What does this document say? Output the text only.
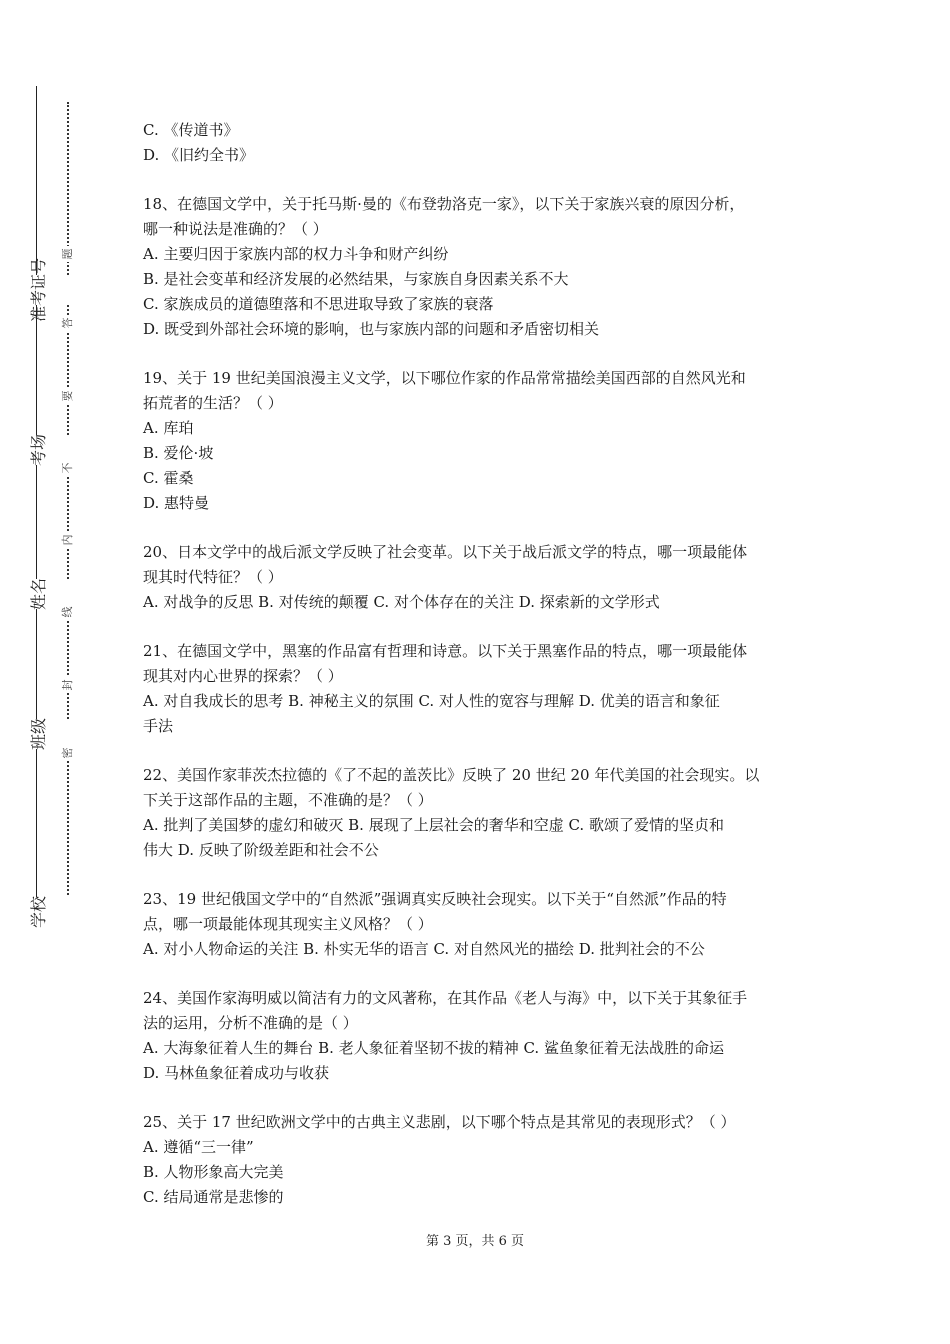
准考证号
考场
姓名
班级
学校
题
答
要
不
内
线
封
密

C. 《传道书》

D. 《旧约全书》

18、在德国文学中，关于托马斯·曼的《布登勃洛克一家》，以下关于家族兴衰的原因分析，

哪一种说法是准确的？（ ）

A. 主要归因于家族内部的权力斗争和财产纠纷

B. 是社会变革和经济发展的必然结果，与家族自身因素关系不大

C. 家族成员的道德堕落和不思进取导致了家族的衰落

D. 既受到外部社会环境的影响，也与家族内部的问题和矛盾密切相关

19、关于 19 世纪美国浪漫主义文学，以下哪位作家的作品常常描绘美国西部的自然风光和

拓荒者的生活？（ ）

A. 库珀

B. 爱伦·坡

C. 霍桑

D. 惠特曼

20、日本文学中的战后派文学反映了社会变革。以下关于战后派文学的特点，哪一项最能体

现其时代特征？（ ）

A. 对战争的反思 B. 对传统的颠覆 C. 对个体存在的关注 D. 探索新的文学形式

21、在德国文学中，黑塞的作品富有哲理和诗意。以下关于黑塞作品的特点，哪一项最能体

现其对内心世界的探索？（ ）

A. 对自我成长的思考 B. 神秘主义的氛围 C. 对人性的宽容与理解 D. 优美的语言和象征

手法

22、美国作家菲茨杰拉德的《了不起的盖茨比》反映了 20 世纪 20 年代美国的社会现实。以

下关于这部作品的主题，不准确的是？（ ）

A. 批判了美国梦的虚幻和破灭 B. 展现了上层社会的奢华和空虚 C. 歌颂了爱情的坚贞和

伟大 D. 反映了阶级差距和社会不公

23、19 世纪俄国文学中的“自然派”强调真实反映社会现实。以下关于“自然派”作品的特

点，哪一项最能体现其现实主义风格？（ ）

A. 对小人物命运的关注 B. 朴实无华的语言 C. 对自然风光的描绘 D. 批判社会的不公

24、美国作家海明威以简洁有力的文风著称，在其作品《老人与海》中，以下关于其象征手

法的运用，分析不准确的是（ ）

A. 大海象征着人生的舞台 B. 老人象征着坚韧不拔的精神 C. 鲨鱼象征着无法战胜的命运

D. 马林鱼象征着成功与收获

25、关于 17 世纪欧洲文学中的古典主义悲剧，以下哪个特点是其常见的表现形式？（ ）

A. 遵循“三一律”

B. 人物形象高大完美

C. 结局通常是悲惨的

第 3 页，共 6 页
